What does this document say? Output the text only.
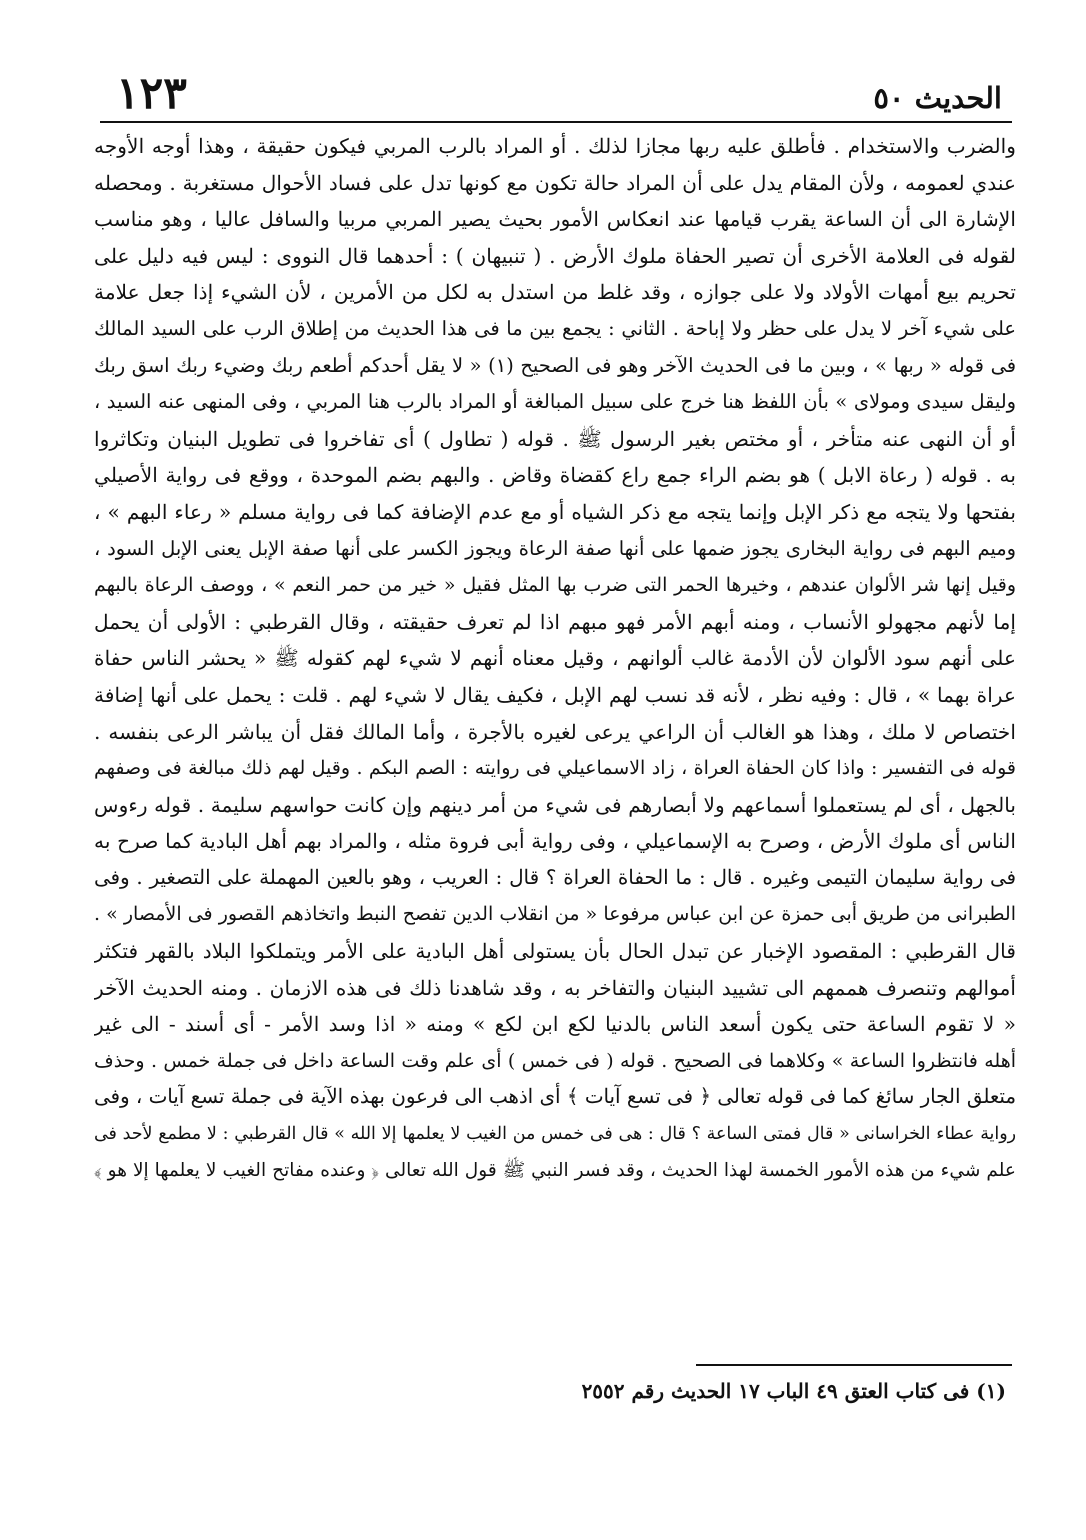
الحديث ٥٠
١٢٣
والضرب والاستخدام . فأطلق عليه ربها مجازا لذلك . أو المراد بالرب المربي فيكون حقيقة ، وهذا أوجه الأوجه
عندي لعمومه ، ولأن المقام يدل على أن المراد حالة تكون مع كونها تدل على فساد الأحوال مستغربة . ومحصله
الإشارة الى أن الساعة يقرب قيامها عند انعكاس الأمور بحيث يصير المربي مربيا والسافل عاليا ، وهو مناسب
لقوله فى العلامة الأخرى أن تصير الحفاة ملوك الأرض . ( تنبيهان ) : أحدهما قال النووى : ليس فيه دليل على
تحريم بيع أمهات الأولاد ولا على جوازه ، وقد غلط من استدل به لكل من الأمرين ، لأن الشيء إذا جعل علامة
على شيء آخر لا يدل على حظر ولا إباحة . الثاني : يجمع بين ما فى هذا الحديث من إطلاق الرب على السيد المالك
فى قوله « ربها » ، وبين ما فى الحديث الآخر وهو فى الصحيح (١) « لا يقل أحدكم أطعم ربك وضيء ربك اسق ربك
وليقل سيدى ومولاى » بأن اللفظ هنا خرج على سبيل المبالغة أو المراد بالرب هنا المربي ، وفى المنهى عنه السيد ،
أو أن النهى عنه متأخر ، أو مختص بغير الرسول ﷺ . قوله ( تطاول ) أى تفاخروا فى تطويل البنيان وتكاثروا
به . قوله ( رعاة الابل ) هو بضم الراء جمع راع كقضاة وقاض . والبهم بضم الموحدة ، ووقع فى رواية الأصيلي
بفتحها ولا يتجه مع ذكر الإبل وإنما يتجه مع ذكر الشياه أو مع عدم الإضافة كما فى رواية مسلم « رعاء البهم » ،
وميم البهم فى رواية البخارى يجوز ضمها على أنها صفة الرعاة ويجوز الكسر على أنها صفة الإبل يعنى الإبل السود ،
وقيل إنها شر الألوان عندهم ، وخيرها الحمر التى ضرب بها المثل فقيل « خير من حمر النعم » ، ووصف الرعاة بالبهم
إما لأنهم مجهولو الأنساب ، ومنه أبهم الأمر فهو مبهم اذا لم تعرف حقيقته ، وقال القرطبي : الأولى أن يحمل
على أنهم سود الألوان لأن الأدمة غالب ألوانهم ، وقيل معناه أنهم لا شيء لهم كقوله ﷺ « يحشر الناس حفاة
عراة بهما » ، قال : وفيه نظر ، لأنه قد نسب لهم الإبل ، فكيف يقال لا شيء لهم . قلت : يحمل على أنها إضافة
اختصاص لا ملك ، وهذا هو الغالب أن الراعي يرعى لغيره بالأجرة ، وأما المالك فقل أن يباشر الرعى بنفسه .
قوله فى التفسير : واذا كان الحفاة العراة ، زاد الاسماعيلي فى روايته : الصم البكم . وقيل لهم ذلك مبالغة فى وصفهم
بالجهل ، أى لم يستعملوا أسماعهم ولا أبصارهم فى شيء من أمر دينهم وإن كانت حواسهم سليمة . قوله رءوس
الناس أى ملوك الأرض ، وصرح به الإسماعيلي ، وفى رواية أبى فروة مثله ، والمراد بهم أهل البادية كما صرح به
فى رواية سليمان التيمى وغيره . قال : ما الحفاة العراة ؟ قال : العريب ، وهو بالعين المهملة على التصغير . وفى
الطبرانى من طريق أبى حمزة عن ابن عباس مرفوعا « من انقلاب الدين تفصح النبط واتخاذهم القصور فى الأمصار » .
قال القرطبي : المقصود الإخبار عن تبدل الحال بأن يستولى أهل البادية على الأمر ويتملكوا البلاد بالقهر فتكثر
أموالهم وتنصرف هممهم الى تشييد البنيان والتفاخر به ، وقد شاهدنا ذلك فى هذه الازمان . ومنه الحديث الآخر
« لا تقوم الساعة حتى يكون أسعد الناس بالدنيا لكع ابن لكع » ومنه « اذا وسد الأمر - أى أسند - الى غير
أهله فانتظروا الساعة » وكلاهما فى الصحيح . قوله ( فى خمس ) أى علم وقت الساعة داخل فى جملة خمس . وحذف
متعلق الجار سائغ كما فى قوله تعالى ﴿ فى تسع آيات ﴾ أى اذهب الى فرعون بهذه الآية فى جملة تسع آيات ، وفى
رواية عطاء الخراسانى « قال فمتى الساعة ؟ قال : هى فى خمس من الغيب لا يعلمها إلا الله » قال القرطبي : لا مطمع لأحد فى
علم شيء من هذه الأمور الخمسة لهذا الحديث ، وقد فسر النبي ﷺ قول الله تعالى ﴿ وعنده مفاتح الغيب لا يعلمها إلا هو ﴾
(١) فى كتاب العتق ٤٩ الباب ١٧ الحديث رقم ٢٥٥٢
